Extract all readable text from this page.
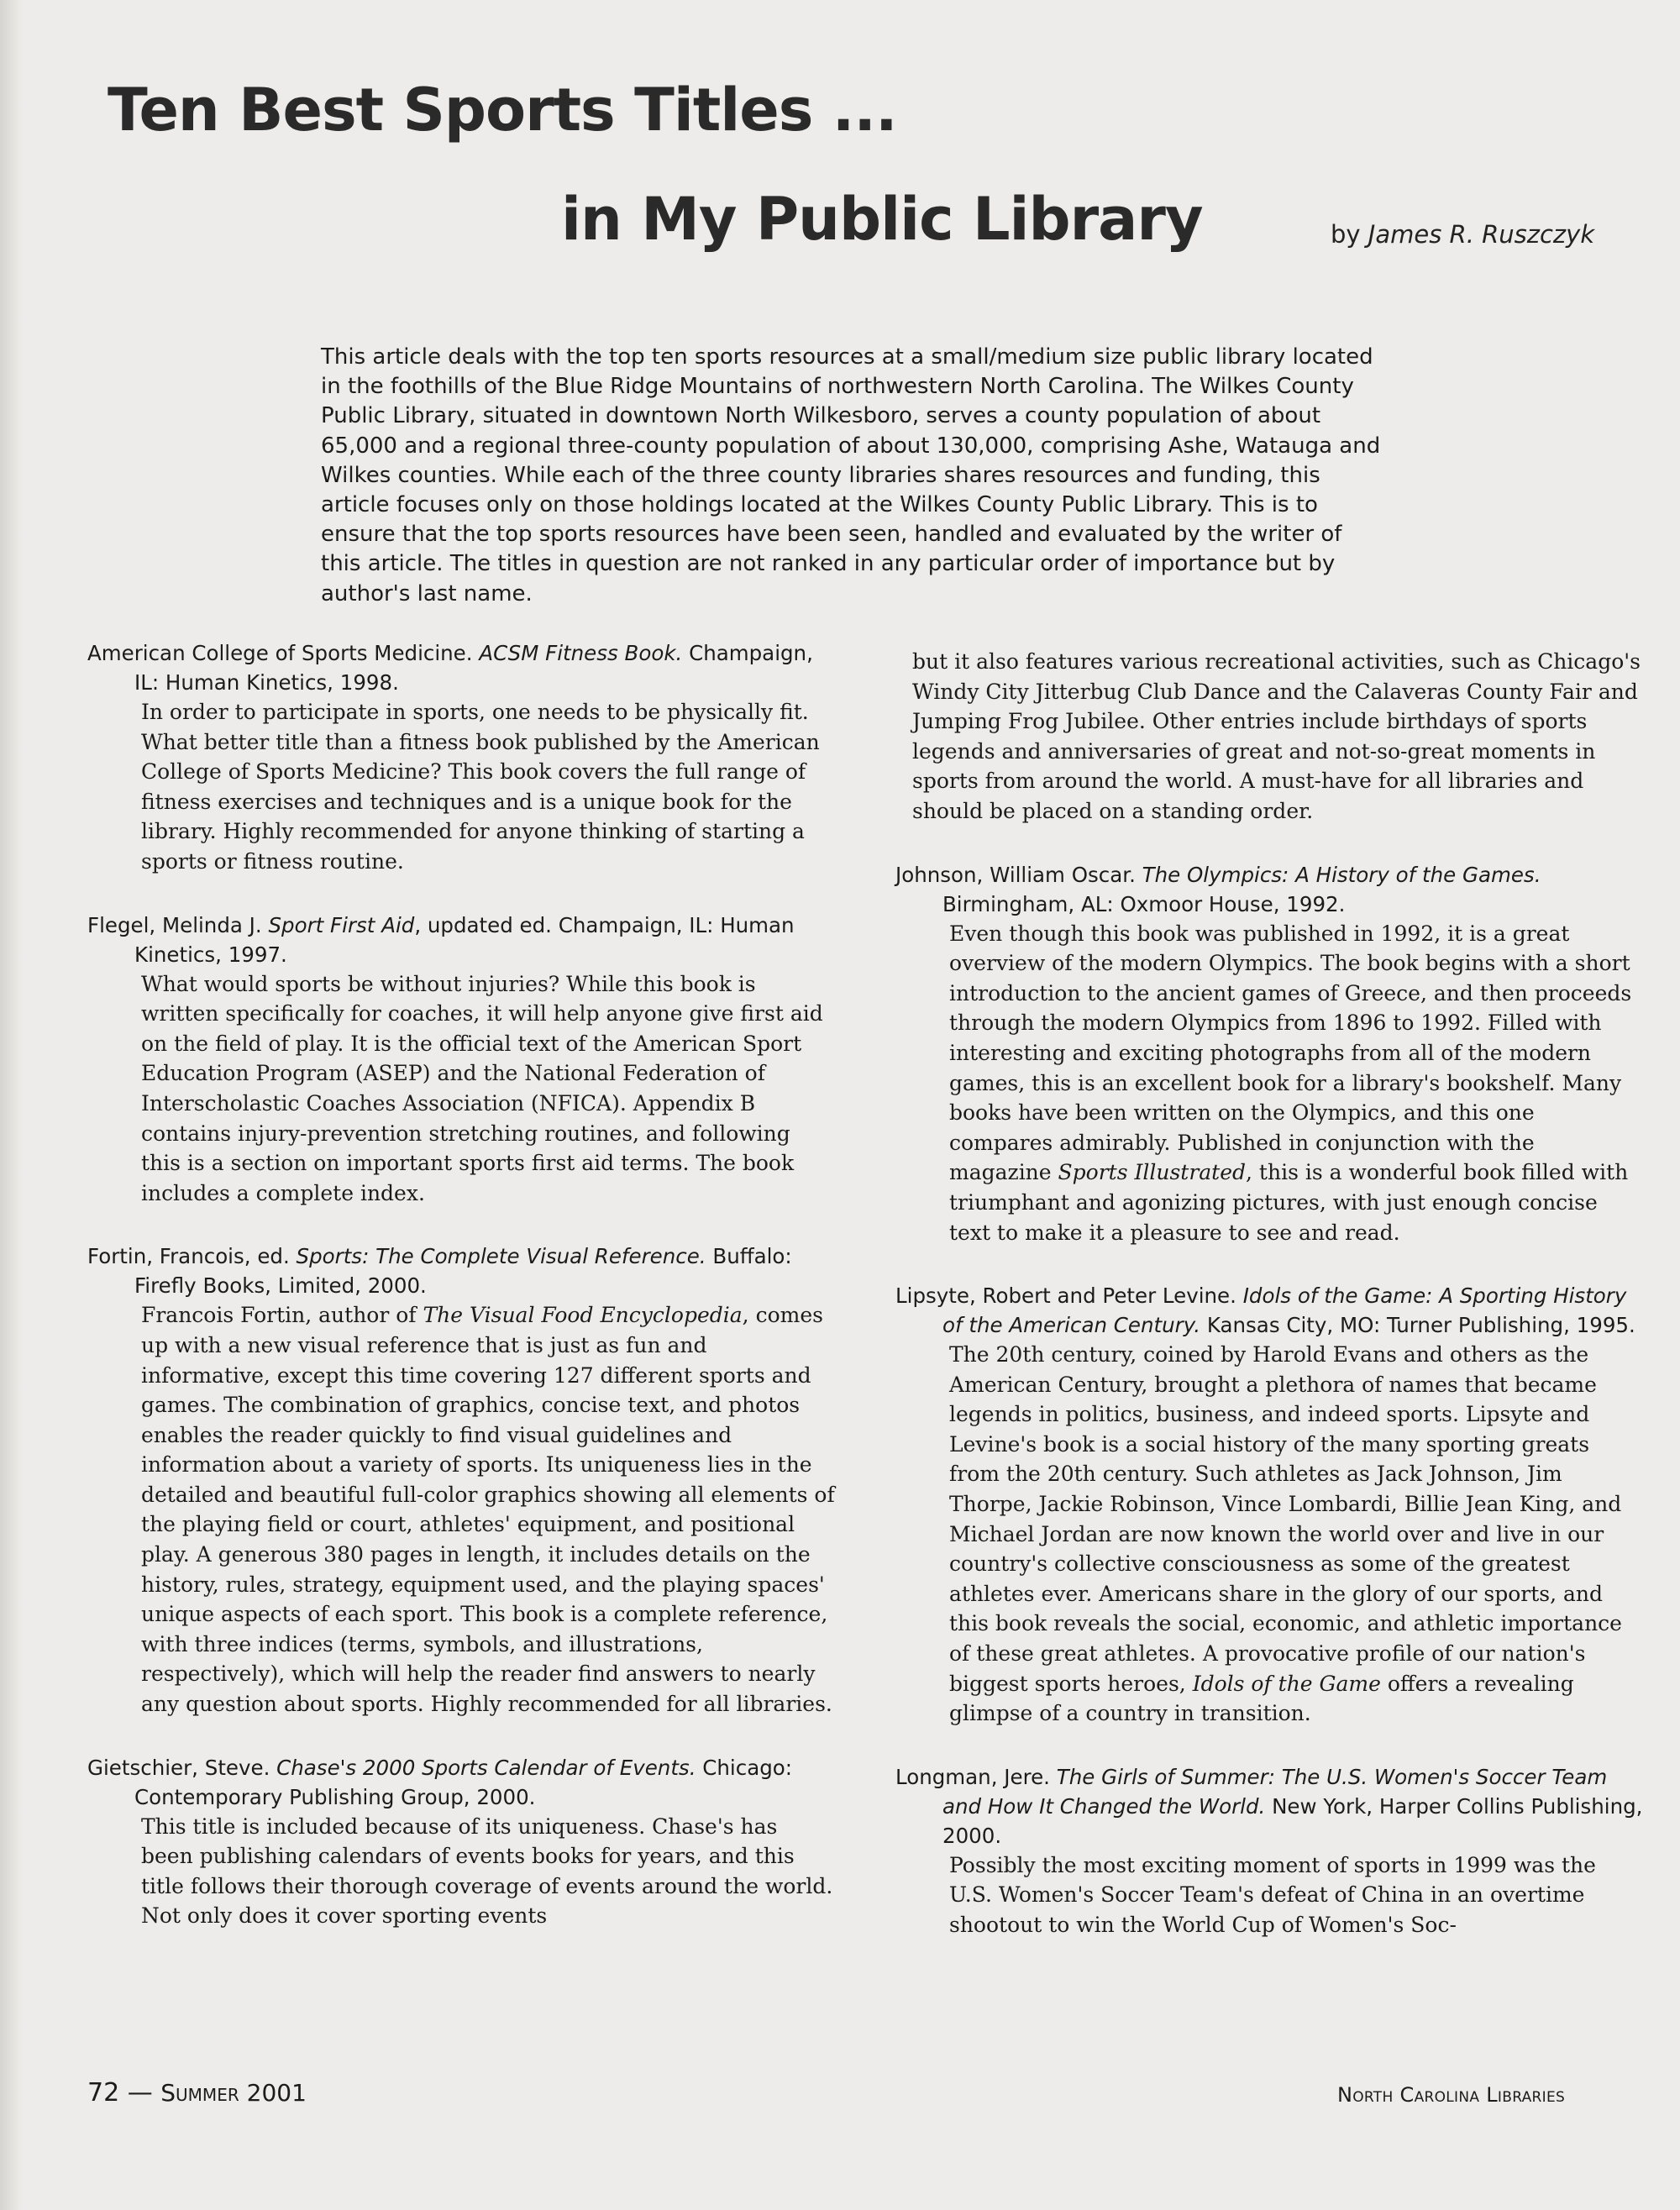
Ten Best Sports Titles ...
in My Public Library	by James R. Ruszczyk

This article deals with the top ten sports resources at a small/medium size public library located in the foothills of the Blue Ridge Mountains of northwestern North Carolina. The Wilkes County Public Library, situated in downtown North Wilkesboro, serves a county population of about 65,000 and a regional three-county population of about 130,000, comprising Ashe, Watauga and Wilkes counties. While each of the three county libraries shares resources and funding, this article focuses only on those holdings located at the Wilkes County Public Library. This is to ensure that the top sports resources have been seen, handled and evaluated by the writer of this article. The titles in question are not ranked in any particular order of importance but by author's last name.

American College of Sports Medicine. ACSM Fitness Book. Champaign, IL: Human Kinetics, 1998.
In order to participate in sports, one needs to be physically fit. What better title than a fitness book published by the American College of Sports Medicine? This book covers the full range of fitness exercises and techniques and is a unique book for the library. Highly recommended for anyone thinking of starting a sports or fitness routine.
Flegel, Melinda J. Sport First Aid, updated ed. Champaign, IL: Human Kinetics, 1997.
What would sports be without injuries? While this book is written specifically for coaches, it will help anyone give first aid on the field of play. It is the official text of the American Sport Education Program (ASEP) and the National Federation of Interscholastic Coaches Association (NFICA). Appendix B contains injury-prevention stretching routines, and following this is a section on important sports first aid terms. The book includes a complete index.
Fortin, Francois, ed. Sports: The Complete Visual Reference. Buffalo: Firefly Books, Limited, 2000.
Francois Fortin, author of The Visual Food Encyclopedia, comes up with a new visual reference that is just as fun and informative, except this time covering 127 different sports and games. The combination of graphics, concise text, and photos enables the reader quickly to find visual guidelines and information about a variety of sports. Its uniqueness lies in the detailed and beautiful full-color graphics showing all elements of the playing field or court, athletes' equipment, and positional play. A generous 380 pages in length, it includes details on the history, rules, strategy, equipment used, and the playing spaces' unique aspects of each sport. This book is a complete reference, with three indices (terms, symbols, and illustrations, respectively), which will help the reader find answers to nearly any question about sports. Highly recommended for all libraries.
Gietschier, Steve. Chase's 2000 Sports Calendar of Events. Chicago: Contemporary Publishing Group, 2000.
This title is included because of its uniqueness. Chase's has been publishing calendars of events books for years, and this title follows their thorough coverage of events around the world. Not only does it cover sporting events
but it also features various recreational activities, such as Chicago's Windy City Jitterbug Club Dance and the Calaveras County Fair and Jumping Frog Jubilee. Other entries include birthdays of sports legends and anniversaries of great and not-so-great moments in sports from around the world. A must-have for all libraries and should be placed on a standing order.
Johnson, William Oscar. The Olympics: A History of the Games. Birmingham, AL: Oxmoor House, 1992.
Even though this book was published in 1992, it is a great overview of the modern Olympics. The book begins with a short introduction to the ancient games of Greece, and then proceeds through the modern Olympics from 1896 to 1992. Filled with interesting and exciting photographs from all of the modern games, this is an excellent book for a library's bookshelf. Many books have been written on the Olympics, and this one compares admirably. Published in conjunction with the magazine Sports Illustrated, this is a wonderful book filled with triumphant and agonizing pictures, with just enough concise text to make it a pleasure to see and read.
Lipsyte, Robert and Peter Levine. Idols of the Game: A Sporting History of the American Century. Kansas City, MO: Turner Publishing, 1995.
The 20th century, coined by Harold Evans and others as the American Century, brought a plethora of names that became legends in politics, business, and indeed sports. Lipsyte and Levine's book is a social history of the many sporting greats from the 20th century. Such athletes as Jack Johnson, Jim Thorpe, Jackie Robinson, Vince Lombardi, Billie Jean King, and Michael Jordan are now known the world over and live in our country's collective consciousness as some of the greatest athletes ever. Americans share in the glory of our sports, and this book reveals the social, economic, and athletic importance of these great athletes. A provocative profile of our nation's biggest sports heroes, Idols of the Game offers a revealing glimpse of a country in transition.
Longman, Jere. The Girls of Summer: The U.S. Women's Soccer Team and How It Changed the World. New York, Harper Collins Publishing, 2000.
Possibly the most exciting moment of sports in 1999 was the U.S. Women's Soccer Team's defeat of China in an overtime shootout to win the World Cup of Women's Soc-
72 — Summer 2001	North Carolina Libraries
